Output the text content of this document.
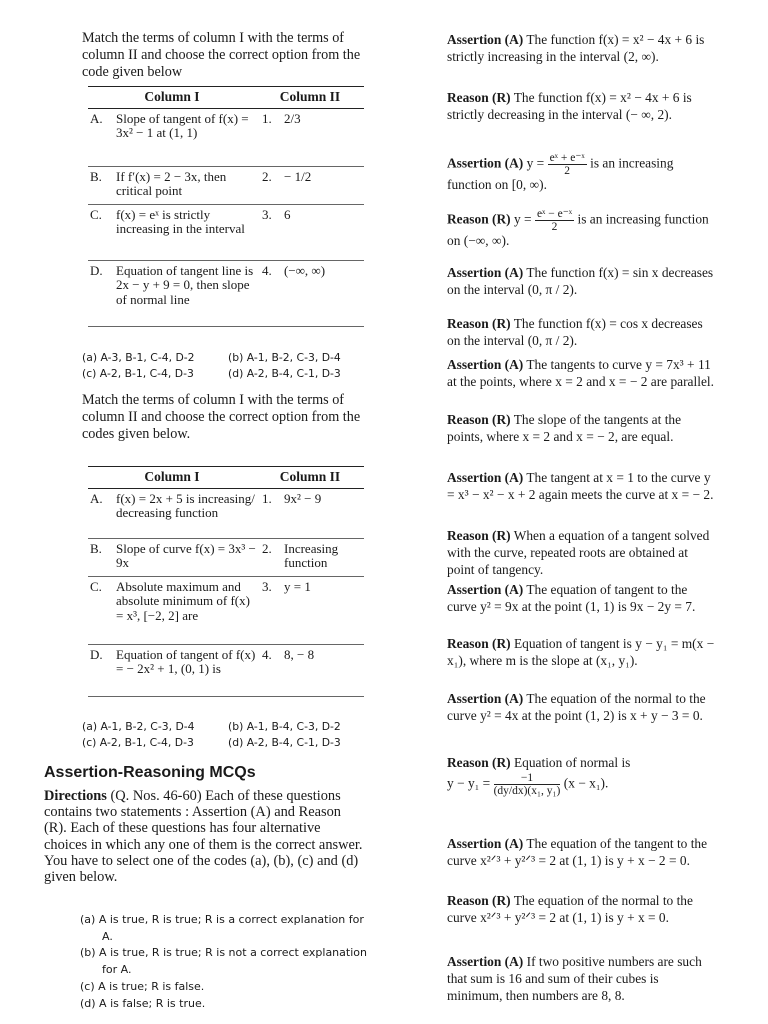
Match the terms of column I with the terms of column II and choose the correct option from the code given below
Column I		Column II	
A.	Slope of tangent of f(x) = 3x² − 1 at (1, 1)	1.	2/3
B.	If f′(x) = 2 − 3x, then critical point	2.	− 1/2
C.	f(x) = eˣ is strictly increasing in the interval	3.	6
D.	Equation of tangent line is 2x − y + 9 = 0, then slope of normal line	4.	(−∞, ∞)
(a) A-3, B-1, C-4, D-2	(b) A-1, B-2, C-3, D-4
(c) A-2, B-1, C-4, D-3	(d) A-2, B-4, C-1, D-3
Match the terms of column I with the terms of column II and choose the correct option from the codes given below.
Column I		Column II	
A.	f(x) = 2x + 5 is increasing/ decreasing function	1.	9x² − 9
B.	Slope of curve f(x) = 3x³ − 9x	2.	Increasing function
C.	Absolute maximum and absolute minimum of f(x) = x³, [−2, 2] are	3.	y = 1
D.	Equation of tangent of f(x) = − 2x² + 1, (0, 1) is	4.	8, − 8
(a) A-1, B-2, C-3, D-4	(b) A-1, B-4, C-3, D-2
(c) A-2, B-1, C-4, D-3	(d) A-2, B-4, C-1, D-3
Assertion-Reasoning MCQs
Directions (Q. Nos. 46-60) Each of these questions contains two statements : Assertion (A) and Reason (R). Each of these questions has four alternative choices in which any one of them is the correct answer. You have to select one of the codes (a), (b), (c) and (d) given below.
(a) A is true, R is true; R is a correct explanation for A.
(b) A is true, R is true; R is not a correct explanation for A.
(c) A is true; R is false.
(d) A is false; R is true.
Assertion (A) The function f(x) = x² − 4x + 6 is strictly increasing in the interval (2, ∞).
Reason (R) The function f(x) = x² − 4x + 6 is strictly decreasing in the interval (− ∞, 2).
Assertion (A) $y = \frac{\text{eˣ + e⁻ˣ}}{2}$ is an increasing function on [0, ∞).
Reason (R) $y = \frac{\text{eˣ − e⁻ˣ}}{2}$ is an increasing function on (−∞, ∞).
Assertion (A) The function f(x) = sin x decreases on the interval (0, π / 2).
Reason (R) The function f(x) = cos x decreases on the interval (0, π / 2).
Assertion (A) The tangents to curve y = 7x³ + 11 at the points, where x = 2 and x = − 2 are parallel.
Reason (R) The slope of the tangents at the points, where x = 2 and x = − 2, are equal.
Assertion (A) The tangent at x = 1 to the curve y = x³ − x² − x + 2 again meets the curve at x = − 2.
Reason (R) When a equation of a tangent solved with the curve, repeated roots are obtained at point of tangency.
Assertion (A) The equation of tangent to the curve y² = 9x at the point (1, 1) is 9x − 2y = 7.
Reason (R) Equation of tangent is y − y₁ = m(x − x₁), where m is the slope at (x₁, y₁).
Assertion (A) The equation of the normal to the curve y² = 4x at the point (1, 2) is x + y − 3 = 0.
Reason (R) Equation of normal is
$y - y_1 = \frac{-1}{\text{(dy/dx)(x₁, y₁)}} (x - x_1)$.
Assertion (A) The equation of the tangent to the curve x²ᐟ³ + y²ᐟ³ = 2 at (1, 1) is y + x − 2 = 0.
Reason (R) The equation of the normal to the curve x²ᐟ³ + y²ᐟ³ = 2 at (1, 1) is y + x = 0.
Assertion (A) If two positive numbers are such that sum is 16 and sum of their cubes is minimum, then numbers are 8, 8.
